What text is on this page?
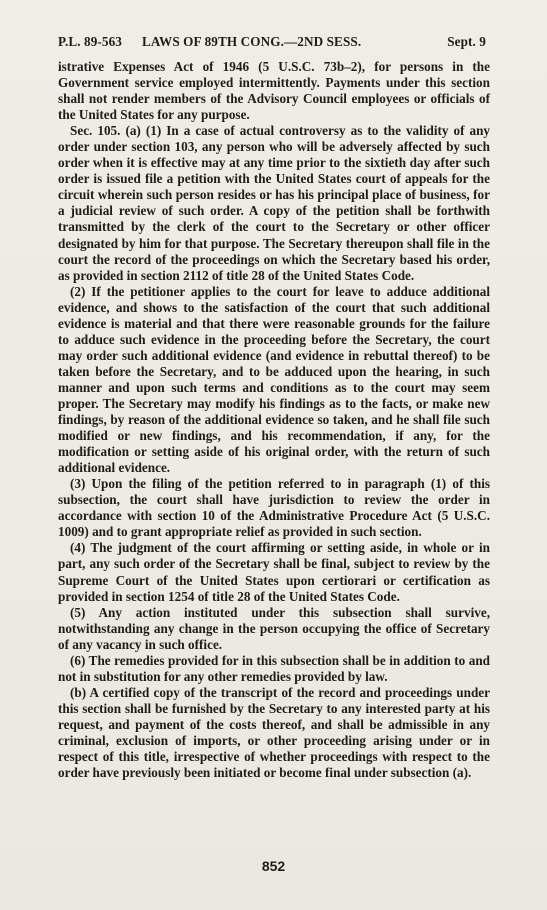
P.L. 89-563 LAWS OF 89TH CONG.—2ND SESS.	Sept. 9

istrative Expenses Act of 1946 (5 U.S.C. 73b–2), for persons in the Government service employed intermittently. Payments under this section shall not render members of the Advisory Council employees or officials of the United States for any purpose.

Sec. 105. (a) (1) In a case of actual controversy as to the validity of any order under section 103, any person who will be adversely affected by such order when it is effective may at any time prior to the sixtieth day after such order is issued file a petition with the United States court of appeals for the circuit wherein such person resides or has his principal place of business, for a judicial review of such order. A copy of the petition shall be forthwith transmitted by the clerk of the court to the Secretary or other officer designated by him for that purpose. The Secretary thereupon shall file in the court the record of the proceedings on which the Secretary based his order, as provided in section 2112 of title 28 of the United States Code.

(2) If the petitioner applies to the court for leave to adduce additional evidence, and shows to the satisfaction of the court that such additional evidence is material and that there were reasonable grounds for the failure to adduce such evidence in the proceeding before the Secretary, the court may order such additional evidence (and evidence in rebuttal thereof) to be taken before the Secretary, and to be adduced upon the hearing, in such manner and upon such terms and conditions as to the court may seem proper. The Secretary may modify his findings as to the facts, or make new findings, by reason of the additional evidence so taken, and he shall file such modified or new findings, and his recommendation, if any, for the modification or setting aside of his original order, with the return of such additional evidence.

(3) Upon the filing of the petition referred to in paragraph (1) of this subsection, the court shall have jurisdiction to review the order in accordance with section 10 of the Administrative Procedure Act (5 U.S.C. 1009) and to grant appropriate relief as provided in such section.

(4) The judgment of the court affirming or setting aside, in whole or in part, any such order of the Secretary shall be final, subject to review by the Supreme Court of the United States upon certiorari or certification as provided in section 1254 of title 28 of the United States Code.

(5) Any action instituted under this subsection shall survive, notwithstanding any change in the person occupying the office of Secretary of any vacancy in such office.

(6) The remedies provided for in this subsection shall be in addition to and not in substitution for any other remedies provided by law.

(b) A certified copy of the transcript of the record and proceedings under this section shall be furnished by the Secretary to any interested party at his request, and payment of the costs thereof, and shall be admissible in any criminal, exclusion of imports, or other proceeding arising under or in respect of this title, irrespective of whether proceedings with respect to the order have previously been initiated or become final under subsection (a).

852
